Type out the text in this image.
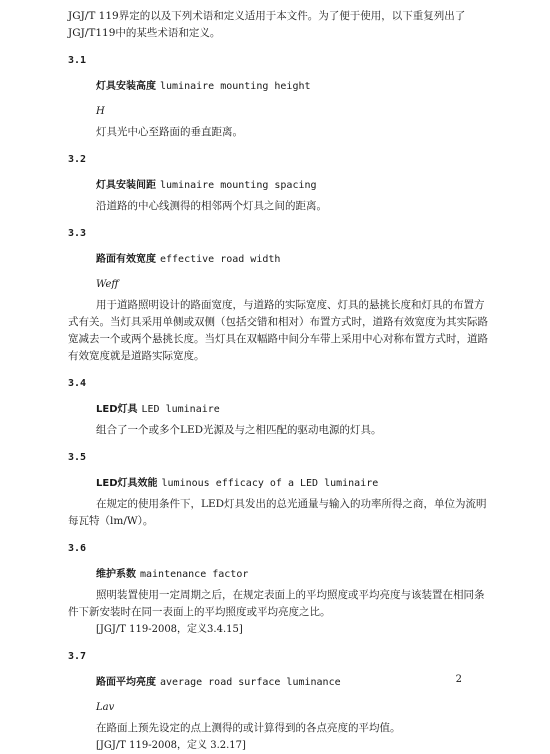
JGJ/T 119界定的以及下列术语和定义适用于本文件。为了便于使用，以下重复列出了JGJ/T119中的某些术语和定义。
3.1
灯具安装高度 luminaire mounting height
H
灯具光中心至路面的垂直距离。
3.2
灯具安装间距 luminaire mounting spacing
沿道路的中心线测得的相邻两个灯具之间的距离。
3.3
路面有效宽度 effective road width
Weff
用于道路照明设计的路面宽度，与道路的实际宽度、灯具的悬挑长度和灯具的布置方式有关。当灯具采用单侧或双侧（包括交错和相对）布置方式时，道路有效宽度为其实际路宽减去一个或两个悬挑长度。当灯具在双幅路中间分车带上采用中心对称布置方式时，道路有效宽度就是道路实际宽度。
3.4
LED灯具 LED luminaire
组合了一个或多个LED光源及与之相匹配的驱动电源的灯具。
3.5
LED灯具效能 luminous efficacy of a LED luminaire
在规定的使用条件下，LED灯具发出的总光通量与输入的功率所得之商，单位为流明每瓦特（lm/W）。
3.6
维护系数 maintenance factor
照明装置使用一定周期之后，在规定表面上的平均照度或平均亮度与该装置在相同条件下新安装时在同一表面上的平均照度或平均亮度之比。
[JGJ/T 119-2008，定义3.4.15]
3.7
路面平均亮度 average road surface luminance
Lav
在路面上预先设定的点上测得的或计算得到的各点亮度的平均值。
[JGJ/T 119-2008，定义 3.2.17]
2
